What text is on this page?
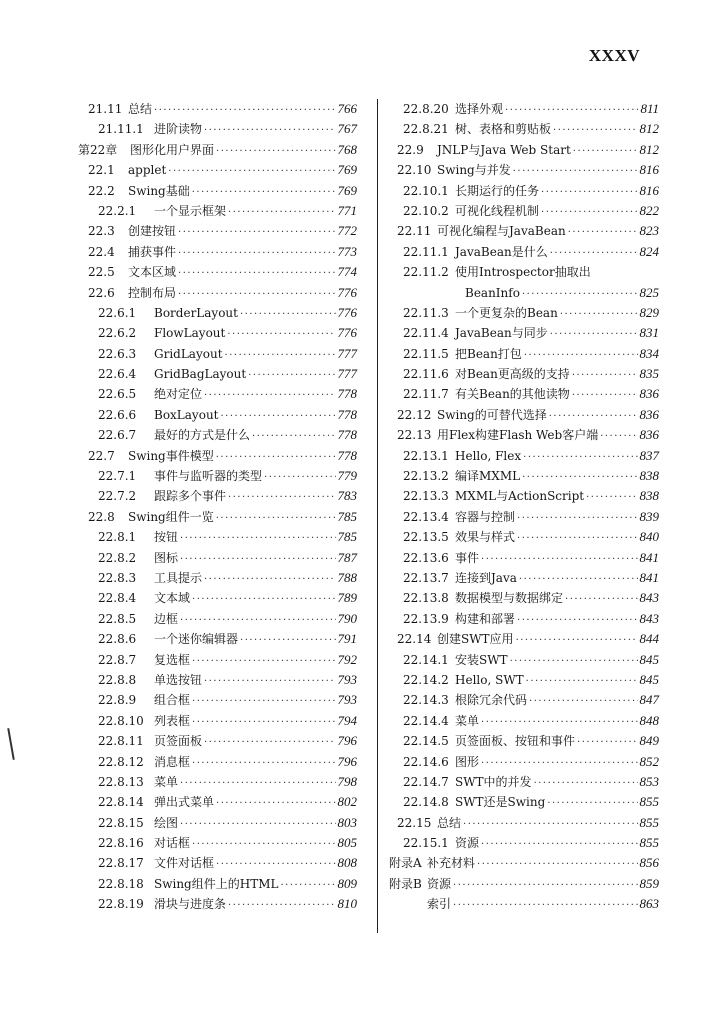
XXXV
21.11 总结 ·····	766
21.11.1 进阶读物 ·····	767
第22章	图形化用户界面 ·····	768
22.1	applet ·····	769
22.2	Swing基础 ·····	769
22.2.1	一个显示框架 ·····	771
22.3	创建按钮 ·····	772
22.4	捕获事件 ·····	773
22.5	文本区域 ·····	774
22.6	控制布局 ·····	776
22.6.1	BorderLayout ·····	776
22.6.2	FlowLayout ·····	776
22.6.3	GridLayout ·····	777
22.6.4	GridBagLayout ·····	777
22.6.5	绝对定位 ·····	778
22.6.6	BoxLayout ·····	778
22.6.7	最好的方式是什么 ·····	778
22.7	Swing事件模型 ·····	778
22.7.1	事件与监听器的类型 ·····	779
22.7.2	跟踪多个事件 ·····	783
22.8	Swing组件一览 ·····	785
22.8.1	按钮 ·····	785
22.8.2	图标 ·····	787
22.8.3	工具提示 ·····	788
22.8.4	文本域 ·····	789
22.8.5	边框 ·····	790
22.8.6	一个迷你编辑器 ·····	791
22.8.7	复选框 ·····	792
22.8.8	单选按钮 ·····	793
22.8.9	组合框 ·····	793
22.8.10 列表框 ·····	794
22.8.11 页签面板 ·····	796
22.8.12 消息框 ·····	796
22.8.13 菜单 ·····	798
22.8.14 弹出式菜单 ·····	802
22.8.15 绘图 ·····	803
22.8.16 对话框 ·····	805
22.8.17 文件对话框 ·····	808
22.8.18 Swing组件上的HTML ·····	809
22.8.19 滑块与进度条 ·····	810
22.8.20 选择外观 ·····	811
22.8.21 树、表格和剪贴板 ·····	812
22.9	JNLP与Java Web Start ·····	812
22.10 Swing与并发 ·····	816
22.10.1 长期运行的任务 ·····	816
22.10.2 可视化线程机制 ·····	822
22.11 可视化编程与JavaBean ·····	823
22.11.1 JavaBean是什么 ·····	824
22.11.2 使用Introspector抽取出
BeanInfo ·····	825
22.11.3 一个更复杂的Bean ·····	829
22.11.4 JavaBean与同步 ·····	831
22.11.5 把Bean打包 ·····	834
22.11.6 对Bean更高级的支持 ·····	835
22.11.7 有关Bean的其他读物 ·····	836
22.12 Swing的可替代选择 ·····	836
22.13 用Flex构建Flash Web客户端 ·····	836
22.13.1 Hello, Flex ·····	837
22.13.2 编译MXML ·····	838
22.13.3 MXML与ActionScript ·····	838
22.13.4 容器与控制 ·····	839
22.13.5 效果与样式 ·····	840
22.13.6 事件 ·····	841
22.13.7 连接到Java ·····	841
22.13.8 数据模型与数据绑定 ·····	843
22.13.9 构建和部署 ·····	843
22.14 创建SWT应用 ·····	844
22.14.1 安装SWT ·····	845
22.14.2 Hello, SWT ·····	845
22.14.3 根除冗余代码 ·····	847
22.14.4 菜单 ·····	848
22.14.5 页签面板、按钮和事件 ·····	849
22.14.6 图形 ·····	852
22.14.7 SWT中的并发 ·····	853
22.14.8 SWT还是Swing ·····	855
22.15 总结 ·····	855
22.15.1 资源 ·····	855
附录A 补充材料 ·····	856
附录B 资源 ·····	859
索引 ·····	863
